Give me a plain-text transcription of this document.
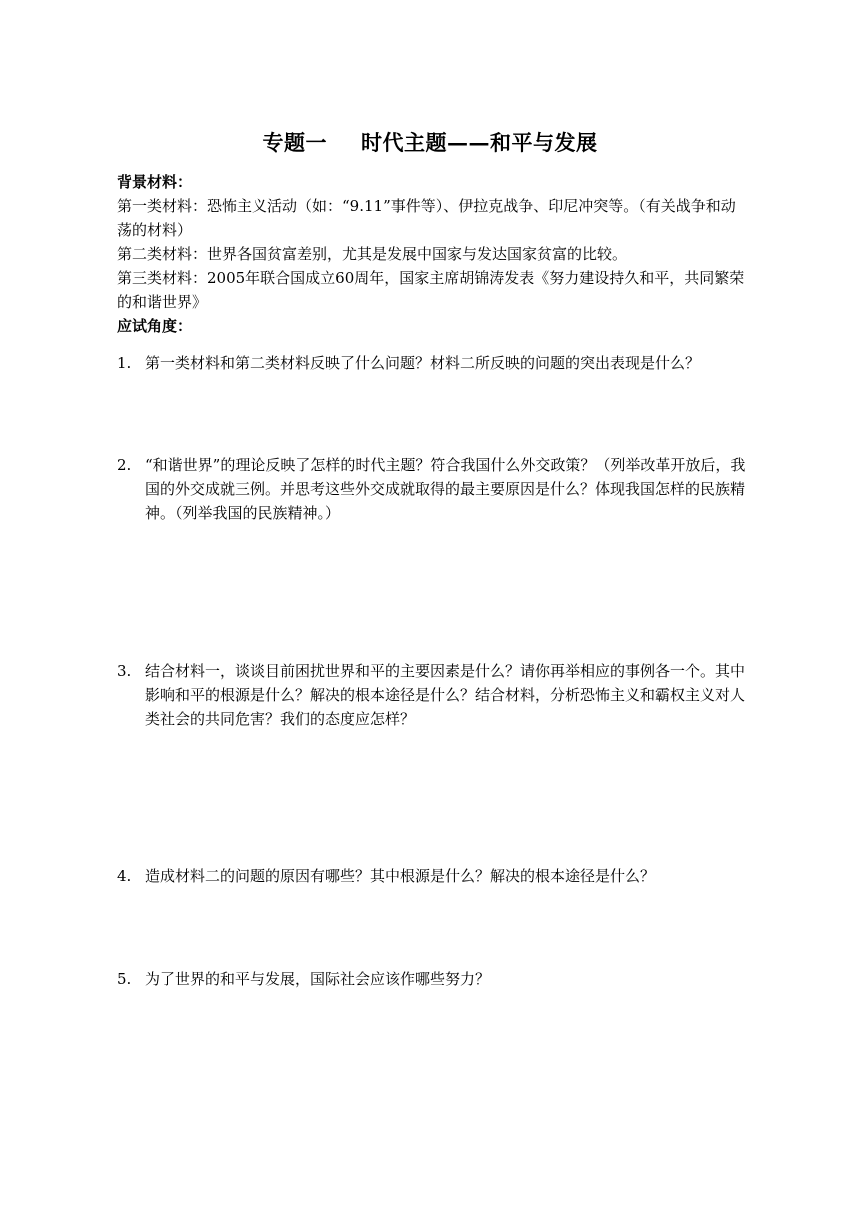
专题一 时代主题——和平与发展
背景材料：

第一类材料：恐怖主义活动（如：“9.11”事件等）、伊拉克战争、印尼冲突等。（有关战争和动荡的材料）

第二类材料：世界各国贫富差别，尤其是发展中国家与发达国家贫富的比较。

第三类材料：2005年联合国成立60周年，国家主席胡锦涛发表《努力建设持久和平，共同繁荣的和谐世界》

应试角度：
1. 第一类材料和第二类材料反映了什么问题？材料二所反映的问题的突出表现是什么？
2. “和谐世界”的理论反映了怎样的时代主题？符合我国什么外交政策？（列举改革开放后，我国的外交成就三例。并思考这些外交成就取得的最主要原因是什么？体现我国怎样的民族精神。（列举我国的民族精神。）
3. 结合材料一，谈谈目前困扰世界和平的主要因素是什么？请你再举相应的事例各一个。其中影响和平的根源是什么？解决的根本途径是什么？结合材料，分析恐怖主义和霸权主义对人类社会的共同危害？我们的态度应怎样？
4. 造成材料二的问题的原因有哪些？其中根源是什么？解决的根本途径是什么？
5. 为了世界的和平与发展，国际社会应该作哪些努力？
